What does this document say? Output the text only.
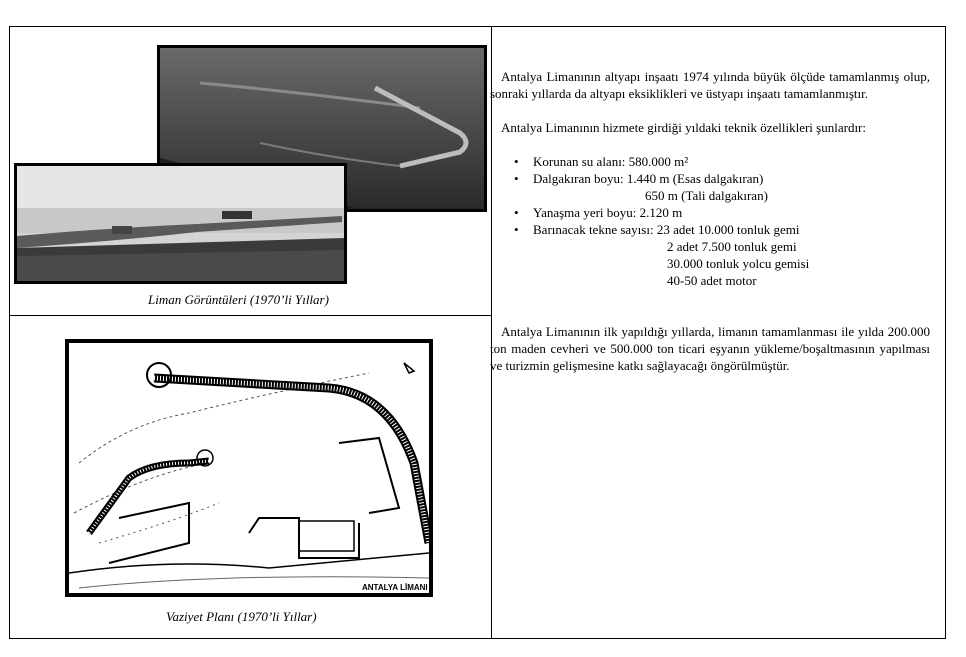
Liman Görüntüleri (1970’li Yıllar)
ANTALYA LİMANI
Vaziyet Planı (1970’li Yıllar)

Antalya Limanının altyapı inşaatı 1974 yılında büyük ölçüde tamamlanmış olup, sonraki yıllarda da altyapı eksiklikleri ve üstyapı inşaatı tamamlanmıştır.

Antalya Limanının hizmete girdiği yıldaki teknik özellikleri şunlardır:

• Korunan su alanı: 580.000 m²
• Dalgakıran boyu: 1.440 m (Esas dalgakıran)
650 m (Tali dalgakıran)
• Yanaşma yeri boyu: 2.120 m
• Barınacak tekne sayısı: 23 adet 10.000 tonluk gemi
2 adet 7.500 tonluk gemi
30.000 tonluk yolcu gemisi
40-50 adet motor

Antalya Limanının ilk yapıldığı yıllarda, limanın tamamlanması ile yılda 200.000 ton maden cevheri ve 500.000 ton ticari eşyanın yükleme/boşaltmasının yapılması ve turizmin gelişmesine katkı sağlayacağı öngörülmüştür.
